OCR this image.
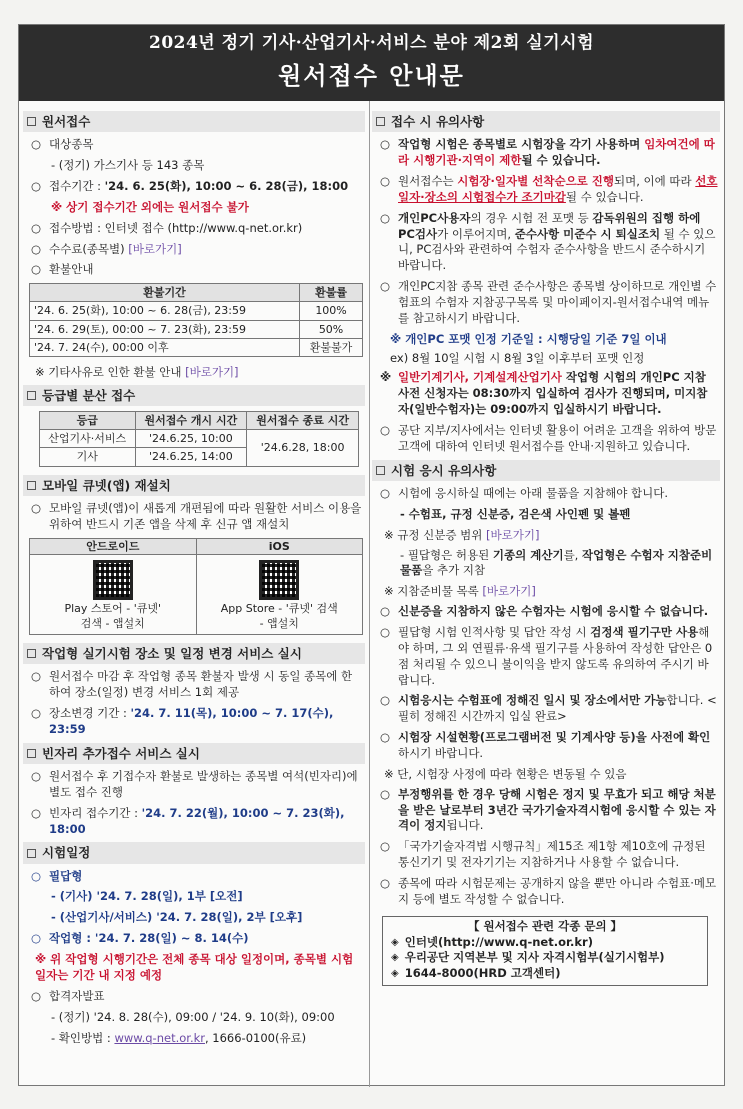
2024년 정기 기사·산업기사·서비스 분야 제2회 실기시험
원서접수 안내문
원서접수
○ 대상종목
- (정기) 가스기사 등 143 종목
○ 접수기간 : '24. 6. 25(화), 10:00 ~ 6. 28(금), 18:00
※ 상기 접수기간 외에는 원서접수 불가
○ 접수방법 : 인터넷 접수 (http://www.q-net.or.kr)
○ 수수료(종목별) [바로가기]
○ 환불안내
환불기간	환불률
'24. 6. 25(화), 10:00 ~ 6. 28(금), 23:59	100%
'24. 6. 29(토), 00:00 ~ 7. 23(화), 23:59	50%
'24. 7. 24(수), 00:00 이후	환불불가
※ 기타사유로 인한 환불 안내 [바로가기]
등급별 분산 접수
등급	원서접수 개시 시간	원서접수 종료 시간
산업기사·서비스	'24.6.25, 10:00	'24.6.28, 18:00
기사	'24.6.25, 14:00	
모바일 큐넷(앱) 재설치
○ 모바일 큐넷(앱)이 새롭게 개편됨에 따라 원활한 서비스 이용을 위하여 반드시 기존 앱을 삭제 후 신규 앱 재설치
안드로이드
Play 스토어 - '큐넷'
검색 - 앱설치
iOS
App Store - '큐넷' 검색
- 앱설치
작업형 실기시험 장소 및 일정 변경 서비스 실시
○ 원서접수 마감 후 작업형 종목 환불자 발생 시 동일 종목에 한하여 장소(일정) 변경 서비스 1회 제공
○ 장소변경 기간 : '24. 7. 11(목), 10:00 ~ 7. 17(수), 23:59
빈자리 추가접수 서비스 실시
○ 원서접수 후 기접수자 환불로 발생하는 종목별 여석(빈자리)에 별도 접수 진행
○ 빈자리 접수기간 : '24. 7. 22(월), 10:00 ~ 7. 23(화), 18:00
시험일정
○ 필답형
- (기사) '24. 7. 28(일), 1부 [오전]
- (산업기사/서비스) '24. 7. 28(일), 2부 [오후]
○ 작업형 : '24. 7. 28(일) ~ 8. 14(수)
※ 위 작업형 시행기간은 전체 종목 대상 일정이며, 종목별 시험일자는 기간 내 지정 예정
○ 합격자발표
- (정기) '24. 8. 28(수), 09:00 / '24. 9. 10(화), 09:00
- 확인방법 : www.q-net.or.kr, 1666-0100(유료)
접수 시 유의사항
○ 작업형 시험은 종목별로 시험장을 각기 사용하며 임차여건에 따라 시행기관·지역이 제한될 수 있습니다.
○ 원서접수는 시험장·일자별 선착순으로 진행되며, 이에 따라 선호 일자·장소의 시험접수가 조기마감될 수 있습니다.
○ 개인PC사용자의 경우 시험 전 포맷 등 감독위원의 집행 하에 PC검사가 이루어지며, 준수사항 미준수 시 퇴실조치 될 수 있으니, PC검사와 관련하여 수험자 준수사항을 반드시 준수하시기 바랍니다.
○ 개인PC지참 종목 관련 준수사항은 종목별 상이하므로 개인별 수험표의 수험자 지참공구목록 및 마이페이지-원서접수내역 메뉴를 참고하시기 바랍니다.
※ 개인PC 포맷 인정 기준일 : 시행당일 기준 7일 이내
ex) 8월 10일 시험 시 8월 3일 이후부터 포맷 인정
※ 일반기계기사, 기계설계산업기사 작업형 시험의 개인PC 지참 사전 신청자는 08:30까지 입실하여 검사가 진행되며, 미지참자(일반수험자)는 09:00까지 입실하시기 바랍니다.
○ 공단 지부/지사에서는 인터넷 활용이 어려운 고객을 위하여 방문고객에 대하여 인터넷 원서접수를 안내·지원하고 있습니다.
시험 응시 유의사항
○ 시험에 응시하실 때에는 아래 물품을 지참해야 합니다.
- 수험표, 규정 신분증, 검은색 사인펜 및 볼펜
※ 규정 신분증 범위 [바로가기]
- 필답형은 허용된 기종의 계산기를, 작업형은 수험자 지참준비물품을 추가 지참
※ 지참준비물 목록 [바로가기]
○ 신분증을 지참하지 않은 수험자는 시험에 응시할 수 없습니다.
○ 필답형 시험 인적사항 및 답안 작성 시 검정색 필기구만 사용해야 하며, 그 외 연필류·유색 필기구를 사용하여 작성한 답안은 0점 처리될 수 있으니 불이익을 받지 않도록 유의하여 주시기 바랍니다.
○ 시험응시는 수험표에 정해진 일시 및 장소에서만 가능합니다. <필히 정해진 시간까지 입실 완료>
○ 시험장 시설현황(프로그램버전 및 기계사양 등)을 사전에 확인하시기 바랍니다.
※ 단, 시험장 사정에 따라 현황은 변동될 수 있음
○ 부정행위를 한 경우 당해 시험은 정지 및 무효가 되고 해당 처분을 받은 날로부터 3년간 국가기술자격시험에 응시할 수 있는 자격이 정지됩니다.
○ 「국가기술자격법 시행규칙」제15조 제1항 제10호에 규정된 통신기기 및 전자기기는 지참하거나 사용할 수 없습니다.
○ 종목에 따라 시험문제는 공개하지 않을 뿐만 아니라 수험표·메모지 등에 별도 작성할 수 없습니다.
【 원서접수 관련 각종 문의 】
◈ 인터넷(http://www.q-net.or.kr)
◈ 우리공단 지역본부 및 지사 자격시험부(실기시험부)
◈ 1644-8000(HRD 고객센터)
